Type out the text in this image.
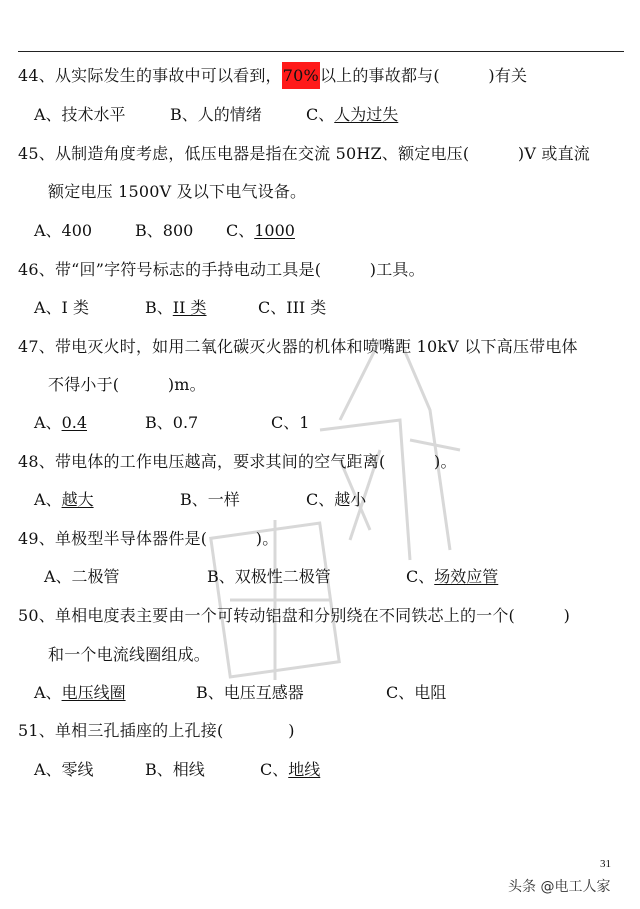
44、从实际发生的事故中可以看到，70%以上的事故都与(　　　)有关
A、技术水平	B、人的情绪	C、人为过失
45、从制造角度考虑，低压电器是指在交流 50HZ、额定电压(　　　)V 或直流
额定电压 1500V 及以下电气设备。
A、400	B、800 C、1000
46、带“回”字符号标志的手持电动工具是(　　　)工具。
A、I 类	B、II 类	C、III 类
47、带电灭火时，如用二氧化碳灭火器的机体和喷嘴距 10kV 以下高压带电体
不得小于(　　　)m。
A、0.4	B、0.7	C、1
48、带电体的工作电压越高，要求其间的空气距离(　　　)。
A、越大	B、一样	C、越小
49、单极型半导体器件是(　　　)。
A、二极管	B、双极性二极管	C、场效应管
50、单相电度表主要由一个可转动铝盘和分别绕在不同铁芯上的一个(　　　)
和一个电流线圈组成。
A、电压线圈	B、电压互感器	C、电阻
51、单相三孔插座的上孔接(　　　　)
A、零线	B、相线	C、地线
31
头条 @电工人家
